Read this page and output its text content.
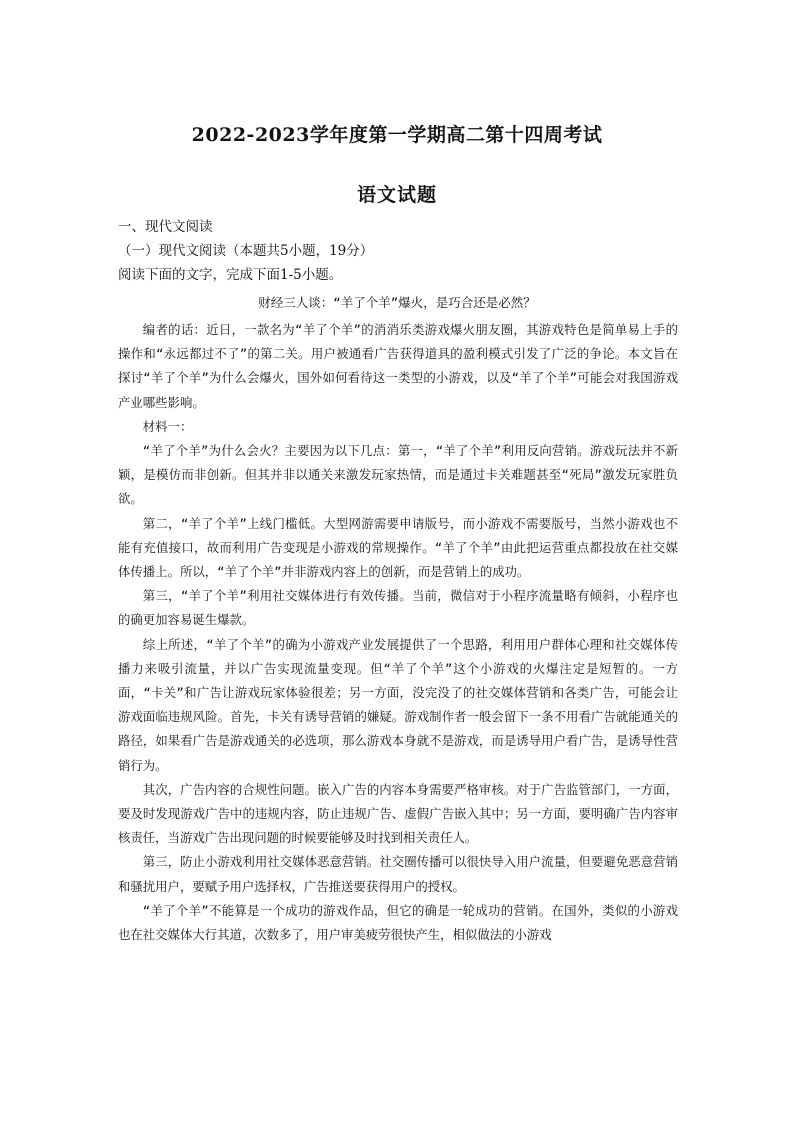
2022-2023学年度第一学期高二第十四周考试
语文试题
一、现代文阅读
（一）现代文阅读（本题共5小题，19分）
阅读下面的文字，完成下面1-5小题。
财经三人谈：“羊了个羊”爆火，是巧合还是必然？

编者的话：近日，一款名为“羊了个羊”的消消乐类游戏爆火朋友圈，其游戏特色是简单易上手的操作和“永远都过不了”的第二关。用户被通看广告获得道具的盈利模式引发了广泛的争论。本文旨在探讨“羊了个羊”为什么会爆火，国外如何看待这一类型的小游戏，以及“羊了个羊”可能会对我国游戏产业哪些影响。

材料一：

“羊了个羊”为什么会火？主要因为以下几点：第一，“羊了个羊”利用反向营销。游戏玩法并不新颖，是模仿而非创新。但其并非以通关来激发玩家热情，而是通过卡关难题甚至“死局”激发玩家胜负欲。

第二，“羊了个羊”上线门槛低。大型网游需要申请版号，而小游戏不需要版号，当然小游戏也不能有充值接口，故而利用广告变现是小游戏的常规操作。“羊了个羊”由此把运营重点都投放在社交媒体传播上。所以，“羊了个羊”并非游戏内容上的创新，而是营销上的成功。

第三，“羊了个羊”利用社交媒体进行有效传播。当前，微信对于小程序流量略有倾斜，小程序也的确更加容易诞生爆款。

综上所述，“羊了个羊”的确为小游戏产业发展提供了一个思路，利用用户群体心理和社交媒体传播力来吸引流量，并以广告实现流量变现。但“羊了个羊”这个小游戏的火爆注定是短暂的。一方面，“卡关”和广告让游戏玩家体验很差；另一方面，没完没了的社交媒体营销和各类广告，可能会让游戏面临违规风险。首先，卡关有诱导营销的嫌疑。游戏制作者一般会留下一条不用看广告就能通关的路径，如果看广告是游戏通关的必选项，那么游戏本身就不是游戏，而是诱导用户看广告，是诱导性营销行为。

其次，广告内容的合规性问题。嵌入广告的内容本身需要严格审核。对于广告监管部门，一方面，要及时发现游戏广告中的违规内容，防止违规广告、虚假广告嵌入其中；另一方面，要明确广告内容审核责任，当游戏广告出现问题的时候要能够及时找到相关责任人。

第三，防止小游戏利用社交媒体恶意营销。社交圈传播可以很快导入用户流量，但要避免恶意营销和骚扰用户，要赋予用户选择权，广告推送要获得用户的授权。

“羊了个羊”不能算是一个成功的游戏作品，但它的确是一轮成功的营销。在国外，类似的小游戏也在社交媒体大行其道，次数多了，用户审美疲劳很快产生，相似做法的小游戏
